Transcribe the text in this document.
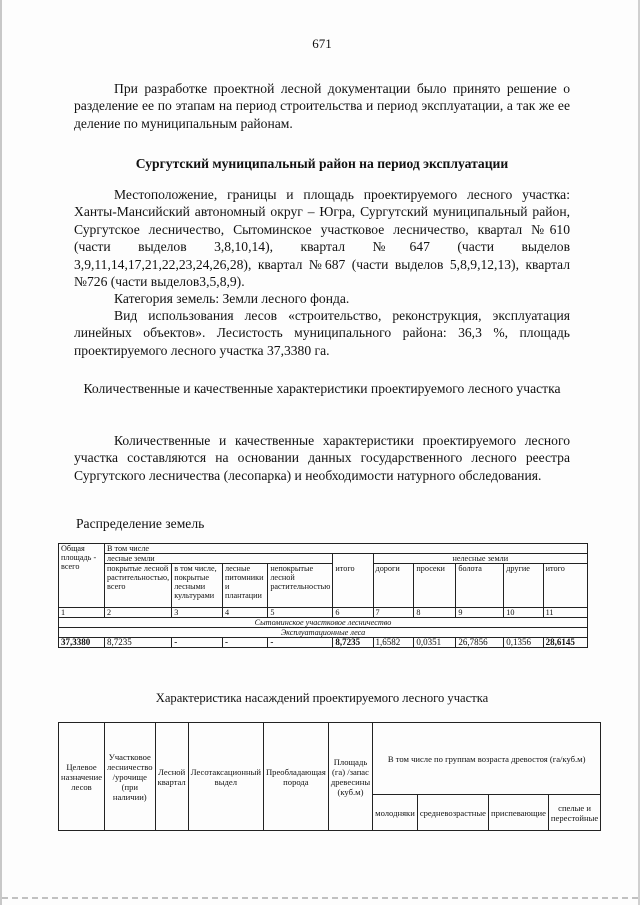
671

При разработке проектной лесной документации было принято решение о разделение ее по этапам на период строительства и период эксплуатации, а так же ее деление по муниципальным районам.

Сургутский муниципальный район на период эксплуатации

Местоположение, границы и площадь проектируемого лесного участка: Ханты-Мансийский автономный округ – Югра, Сургутский муниципальный район, Сургутское лесничество, Сытоминское участковое лесничество, квартал №610 (части выделов 3,8,10,14), квартал №647 (части выделов 3,9,11,14,17,21,22,23,24,26,28), квартал №687 (части выделов 5,8,9,12,13), квартал №726 (части выделов3,5,8,9).

Категория земель: Земли лесного фонда.

Вид использования лесов «строительство, реконструкция, эксплуатация линейных объектов». Лесистость муниципального района: 36,3 %, площадь проектируемого лесного участка 37,3380 га.

Количественные и качественные характеристики проектируемого лесного участка

Количественные и качественные характеристики проектируемого лесного участка составляются на основании данных государственного лесного реестра Сургутского лесничества (лесопарка) и необходимости натурного обследования.

Распределение земель
Общая площадь - всего	В том числе									
	лесные земли					нелесные земли				
	покрытые лесной растительностью, всего	в том числе, покрытые лесными культурами	лесные питомники и плантации	непокрытые лесной растительностью	итого	дороги	просеки	болота	другие	итого
1	2	3	4	5	6	7	8	9	10	11
Сытоминское участковое лесничество										
Эксплуатационные леса										
37,3380	8,7235	-	-	-	8,7235	1,6582	0,0351	26,7856	0,1356	28,6145
Характеристика насаждений проектируемого лесного участка
Целевое назначение лесов	Участковое лесничество /урочище (при наличии)	Лесной квартал	Лесотаксационный выдел	Преобладающая порода	Площадь (га) /запас древесины (куб.м)	В том числе по группам возраста древостоя (га/куб.м)			
						молодняки	средневозрастные	приспевающие	спелые и перестойные
